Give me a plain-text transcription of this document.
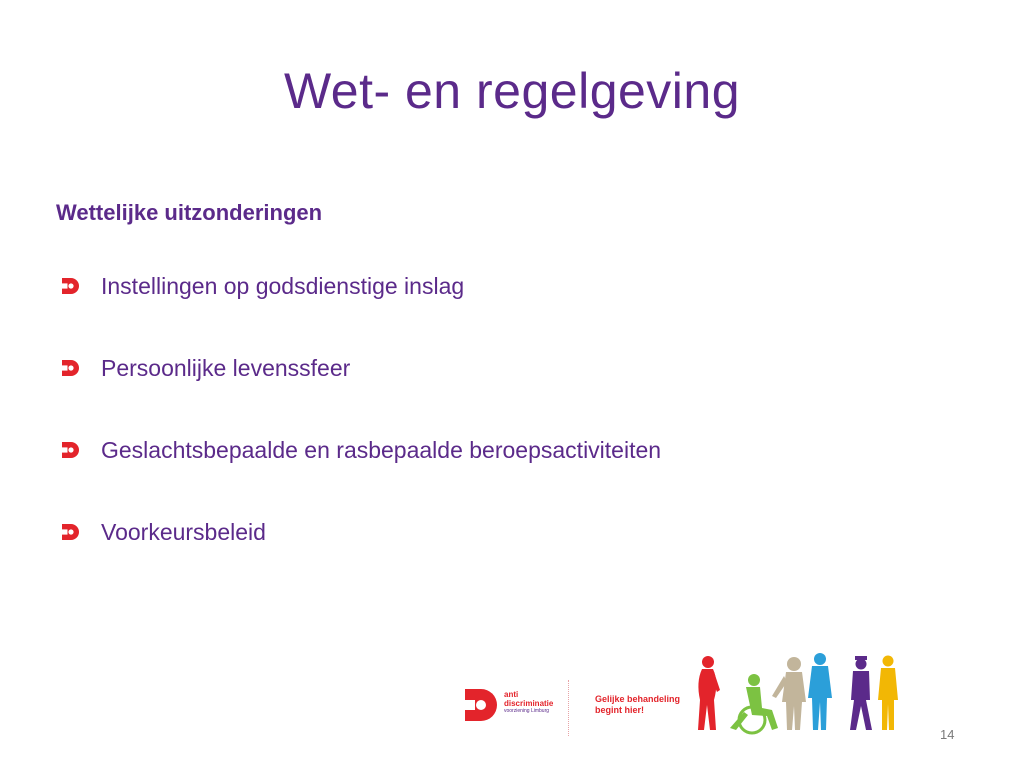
Wet- en regelgeving
Wettelijke uitzonderingen
Instellingen op godsdienstige inslag
Persoonlijke levenssfeer
Geslachtsbepaalde en rasbepaalde beroepsactiviteiten
Voorkeursbeleid
anti
discriminatie
voorziening Limburg
Gelijke behandeling
begint hier!
14
